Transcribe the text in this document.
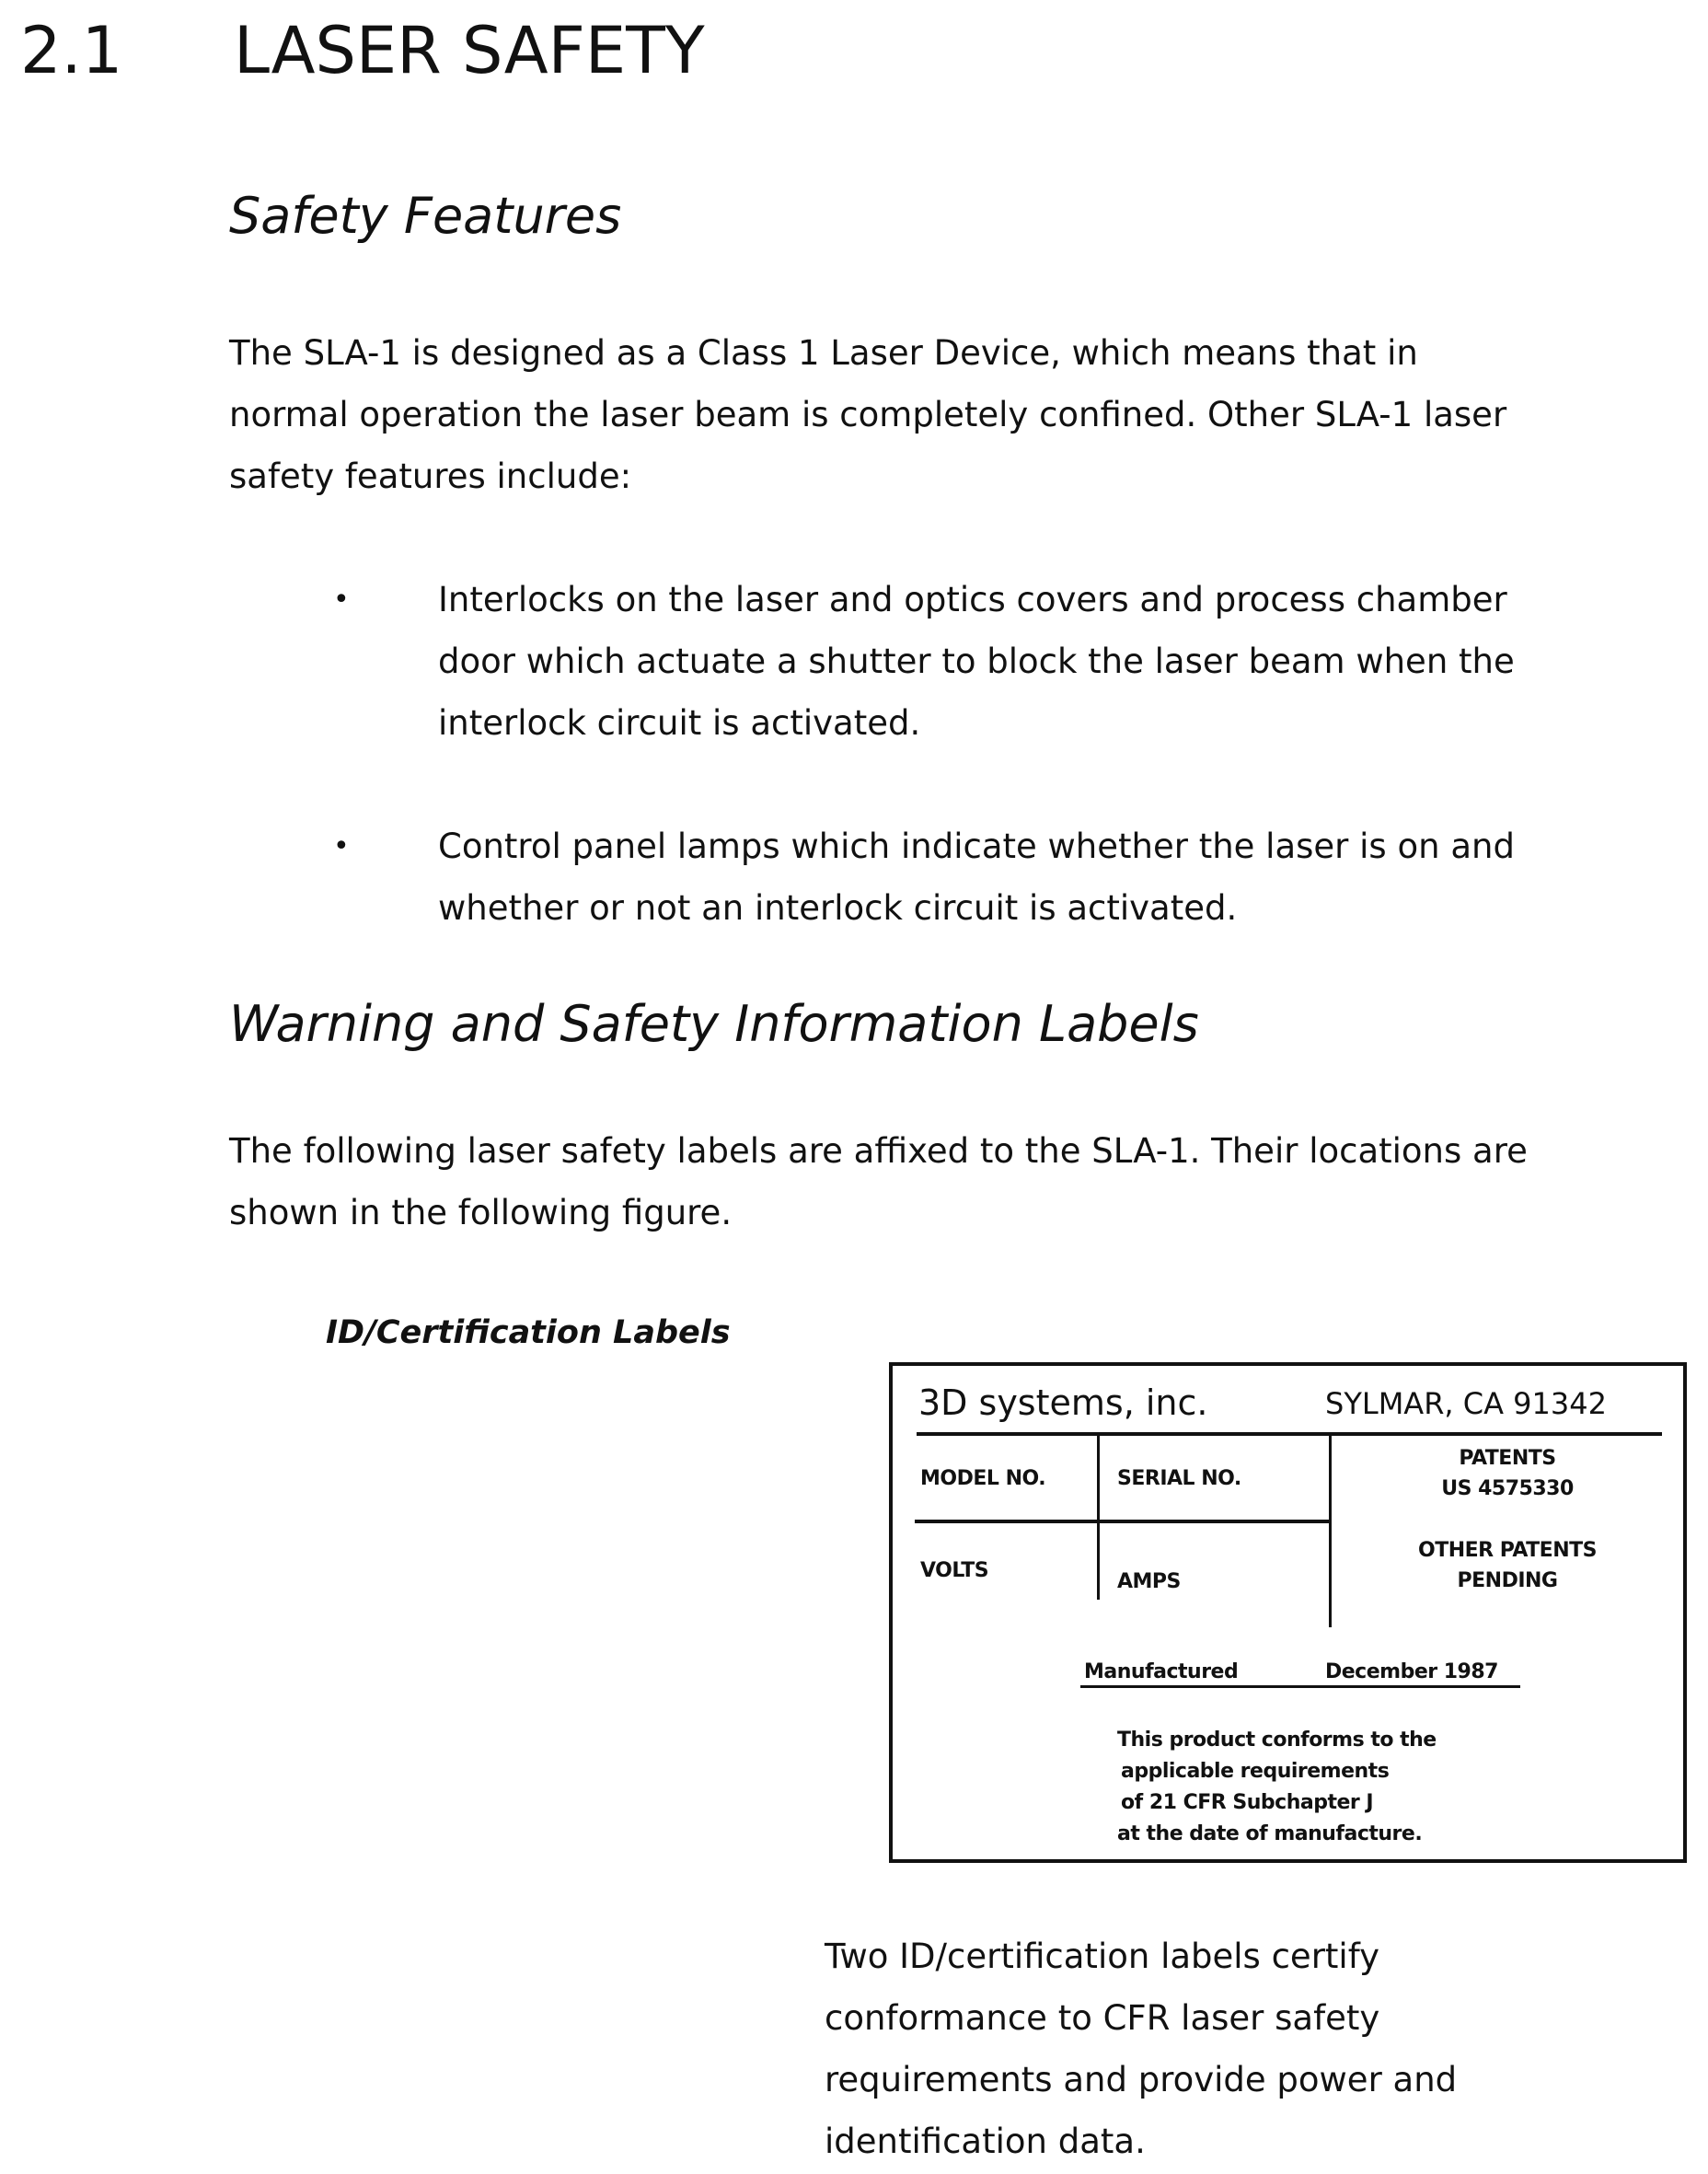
2.1 LASER SAFETY
Safety Features
The SLA-1 is designed as a Class 1 Laser Device, which means that in
normal operation the laser beam is completely confined. Other SLA-1 laser
safety features include:
•	Interlocks on the laser and optics covers and process chamber
door which actuate a shutter to block the laser beam when the
interlock circuit is activated.
•	Control panel lamps which indicate whether the laser is on and
whether or not an interlock circuit is activated.
Warning and Safety Information Labels
The following laser safety labels are affixed to the SLA-1. Their locations are
shown in the following figure.
ID/Certification Labels
3D systems, inc.	SYLMAR, CA 91342
MODEL NO.	SERIAL NO.
PATENTS
US 4575330
VOLTS	AMPS
OTHER PATENTS
PENDING
Manufactured	December 1987
This product conforms to the
applicable requirements
of 21 CFR Subchapter J
at the date of manufacture.
Two ID/certification labels certify
conformance to CFR laser safety
requirements and provide power and
identification data.
